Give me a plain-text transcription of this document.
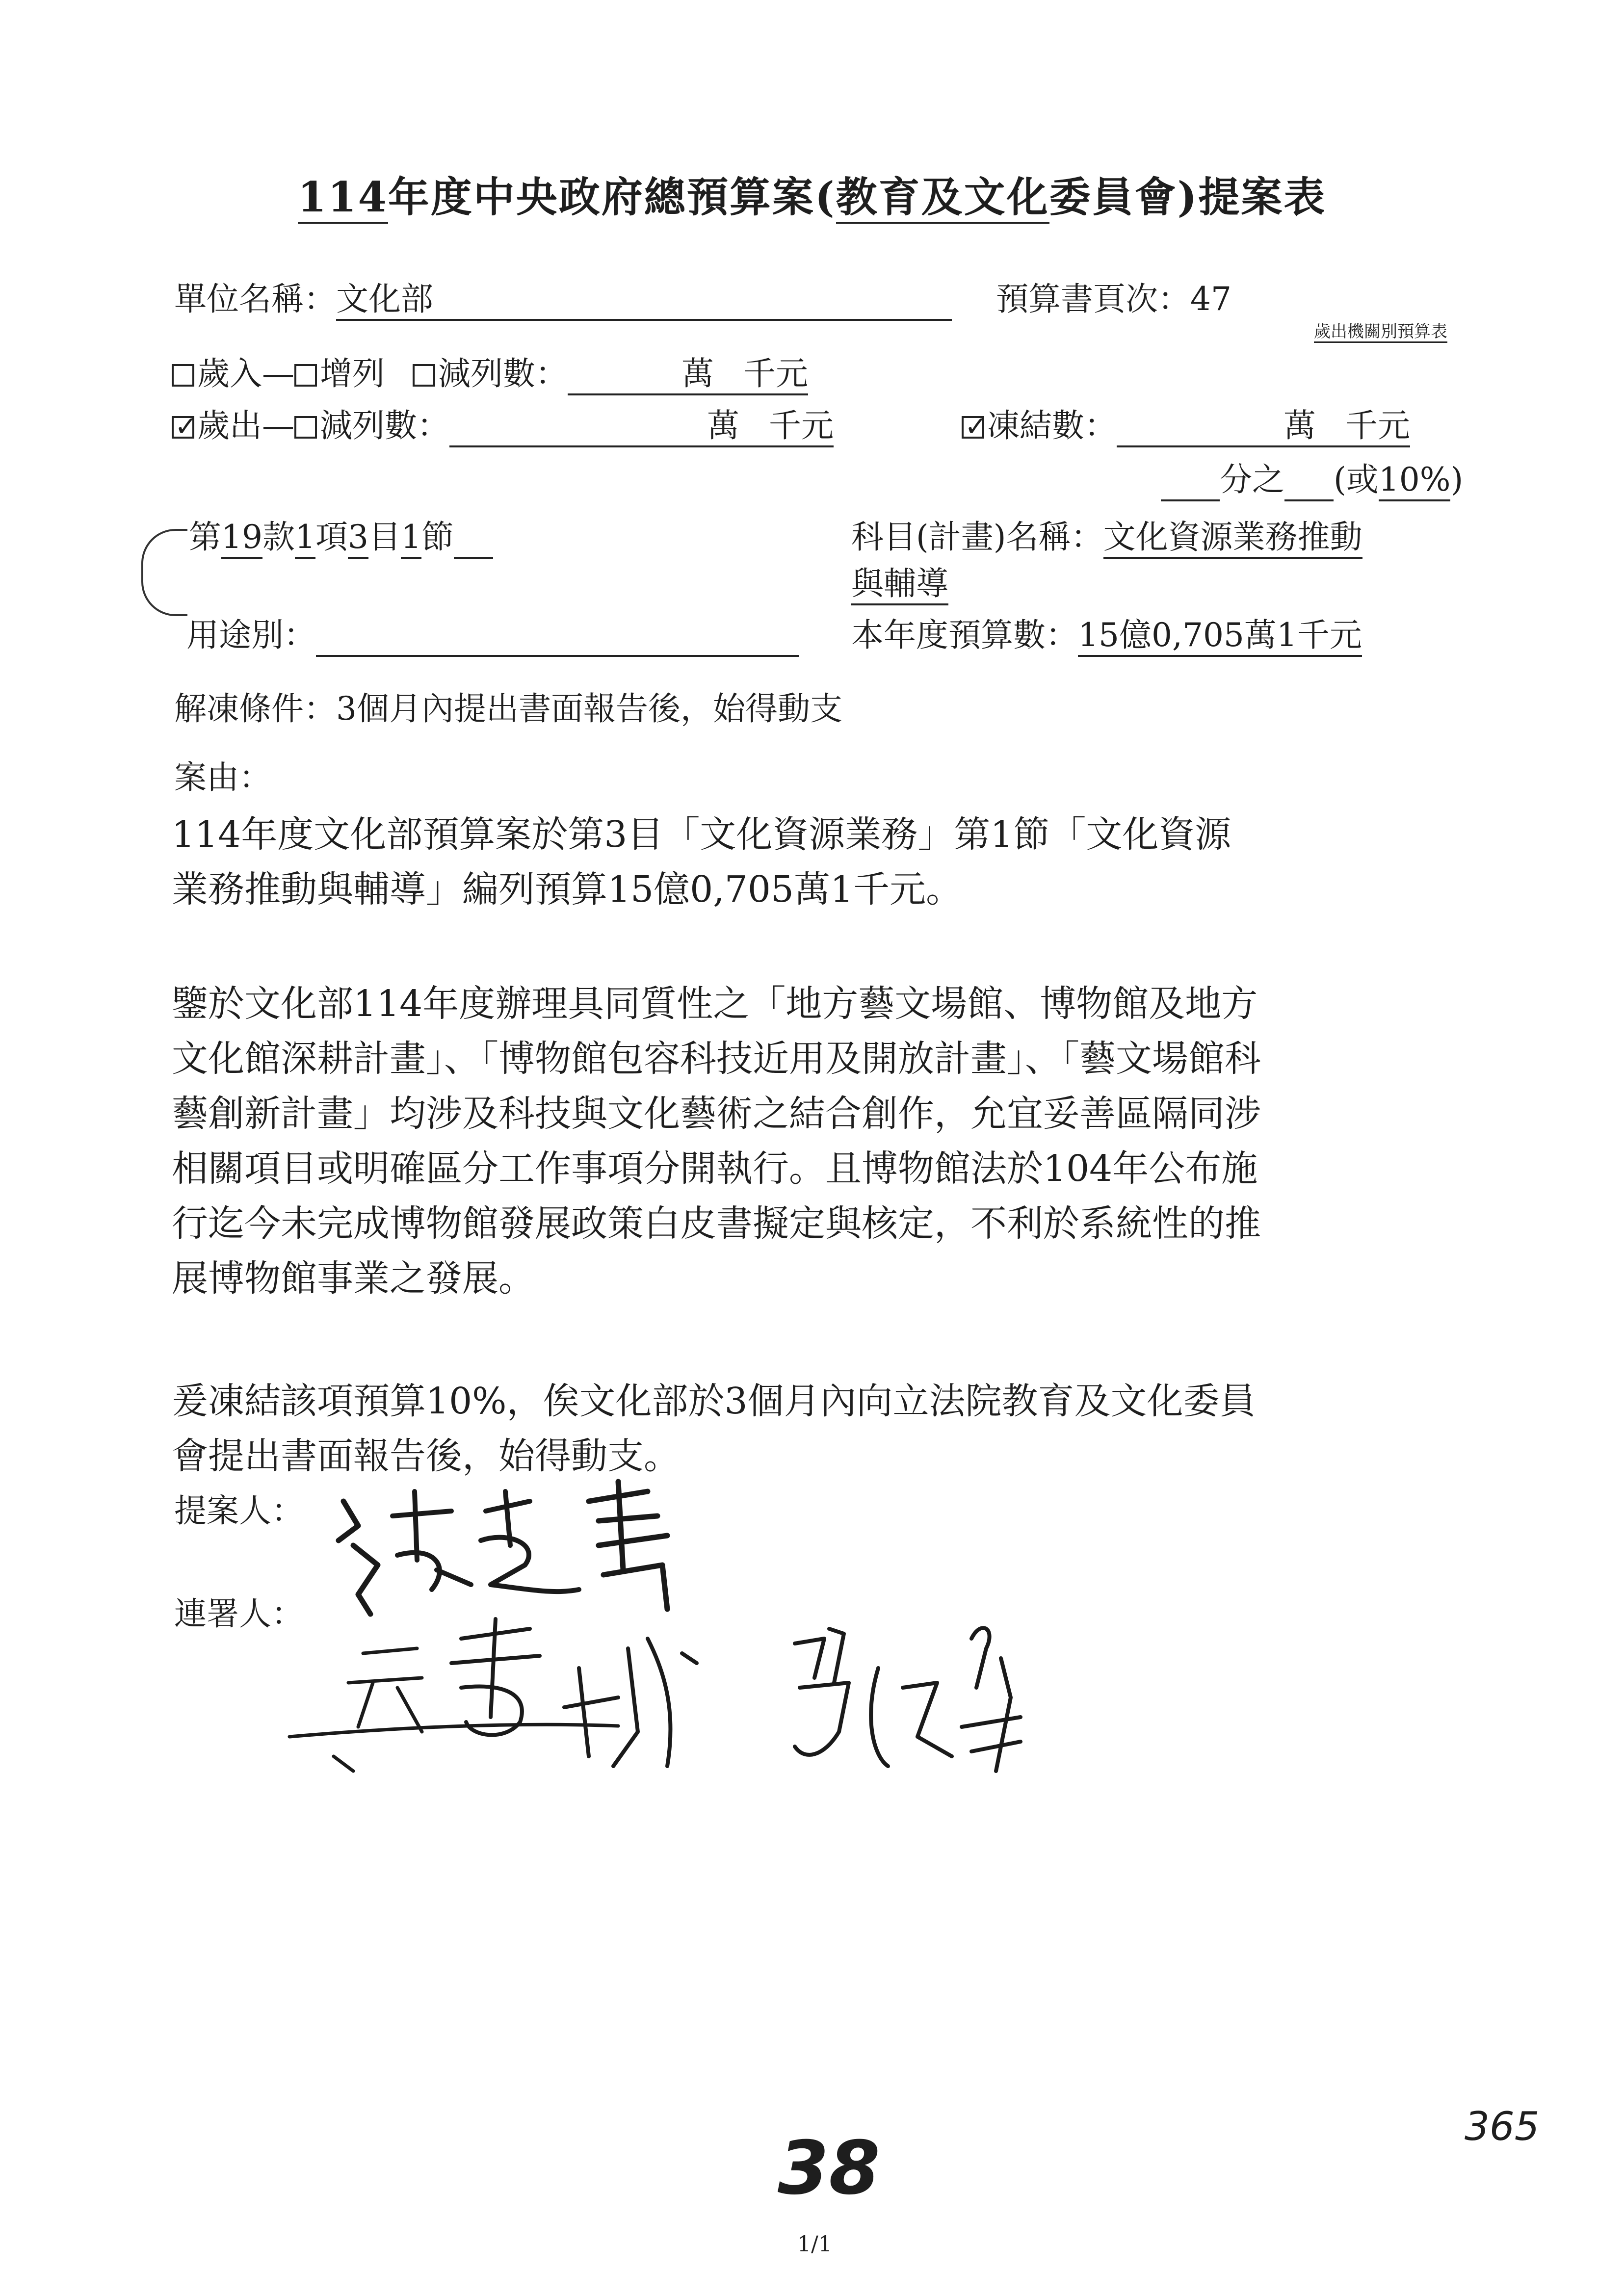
114年度中央政府總預算案(教育及文化委員會)提案表
單位名稱：文化部	預算書頁次：47
歲出機關別預算表
歲入— 增列 減列數：	萬 千元
✓歲出— 減列數：	萬 千元
✓	凍結數：	萬 千元
分之 (或10%)
第19款1項3目1節	科目(計畫)名稱：文化資源業務推動
與輔導
用途別：	本年度預算數：15億0,705萬1千元
解凍條件：3個月內提出書面報告後，始得動支
案由：
114年度文化部預算案於第3目「文化資源業務」第1節「文化資源
業務推動與輔導」編列預算15億0,705萬1千元。
鑒於文化部114年度辦理具同質性之「地方藝文場館、博物館及地方
文化館深耕計畫」、「博物館包容科技近用及開放計畫」、「藝文場館科
藝創新計畫」均涉及科技與文化藝術之結合創作，允宜妥善區隔同涉
相關項目或明確區分工作事項分開執行。且博物館法於104年公布施
行迄今未完成博物館發展政策白皮書擬定與核定，不利於系統性的推
展博物館事業之發展。
爰凍結該項預算10%，俟文化部於3個月內向立法院教育及文化委員
會提出書面報告後，始得動支。
提案人：
連署人：
38	365
1/1
